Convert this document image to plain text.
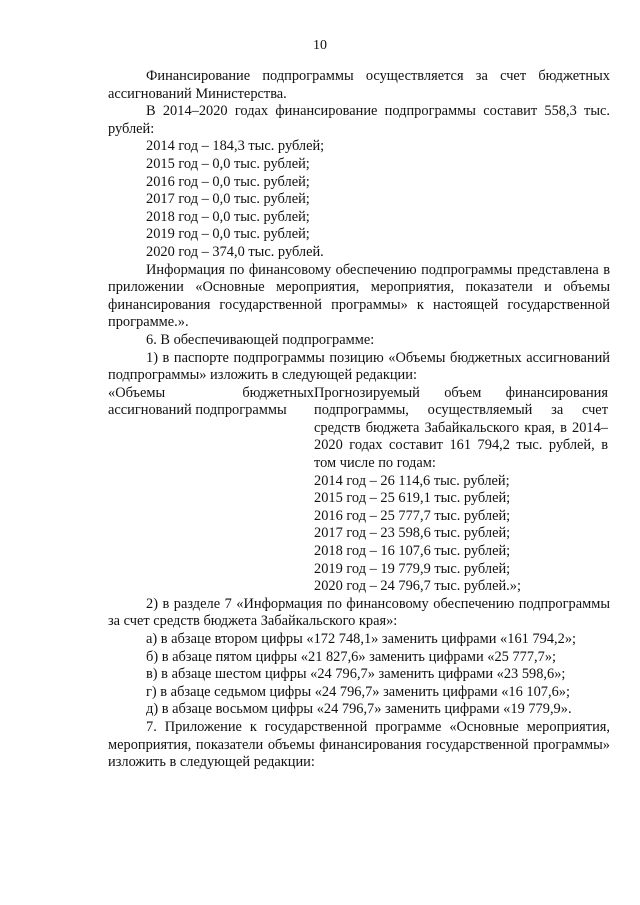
10

Финансирование подпрограммы осуществляется за счет бюджетных ассигнований Министерства.

В 2014–2020 годах финансирование подпрограммы составит 558,3 тыс. рублей:

2014 год – 184,3 тыс. рублей;
2015 год – 0,0 тыс. рублей;
2016 год – 0,0 тыс. рублей;
2017 год – 0,0 тыс. рублей;
2018 год – 0,0 тыс. рублей;
2019 год – 0,0 тыс. рублей;
2020 год – 374,0 тыс. рублей.

Информация по финансовому обеспечению подпрограммы представлена в приложении «Основные мероприятия, мероприятия, показатели и объемы финансирования государственной программы» к настоящей государственной программе.».

6. В обеспечивающей подпрограмме:

1) в паспорте подпрограммы позицию «Объемы бюджетных ассигнований подпрограммы» изложить в следующей редакции:

«Объемы бюджетных ассигнований подпрограммы
Прогнозируемый объем финансирования подпрограммы, осуществляемый за счет средств бюджета Забайкальского края, в 2014–2020 годах составит 161 794,2 тыс. рублей, в том числе по годам:
2014 год – 26 114,6 тыс. рублей;
2015 год – 25 619,1 тыс. рублей;
2016 год – 25 777,7 тыс. рублей;
2017 год – 23 598,6 тыс. рублей;
2018 год – 16 107,6 тыс. рублей;
2019 год – 19 779,9 тыс. рублей;
2020 год – 24 796,7 тыс. рублей.»;

2) в разделе 7 «Информация по финансовому обеспечению подпрограммы за счет средств бюджета Забайкальского края»:

а) в абзаце втором цифры «172 748,1» заменить цифрами «161 794,2»;
б) в абзаце пятом цифры «21 827,6» заменить цифрами «25 777,7»;
в) в абзаце шестом цифры «24 796,7» заменить цифрами «23 598,6»;
г) в абзаце седьмом цифры «24 796,7» заменить цифрами «16 107,6»;
д) в абзаце восьмом цифры «24 796,7» заменить цифрами «19 779,9».

7. Приложение к государственной программе «Основные мероприятия, мероприятия, показатели объемы финансирования государственной программы» изложить в следующей редакции:
